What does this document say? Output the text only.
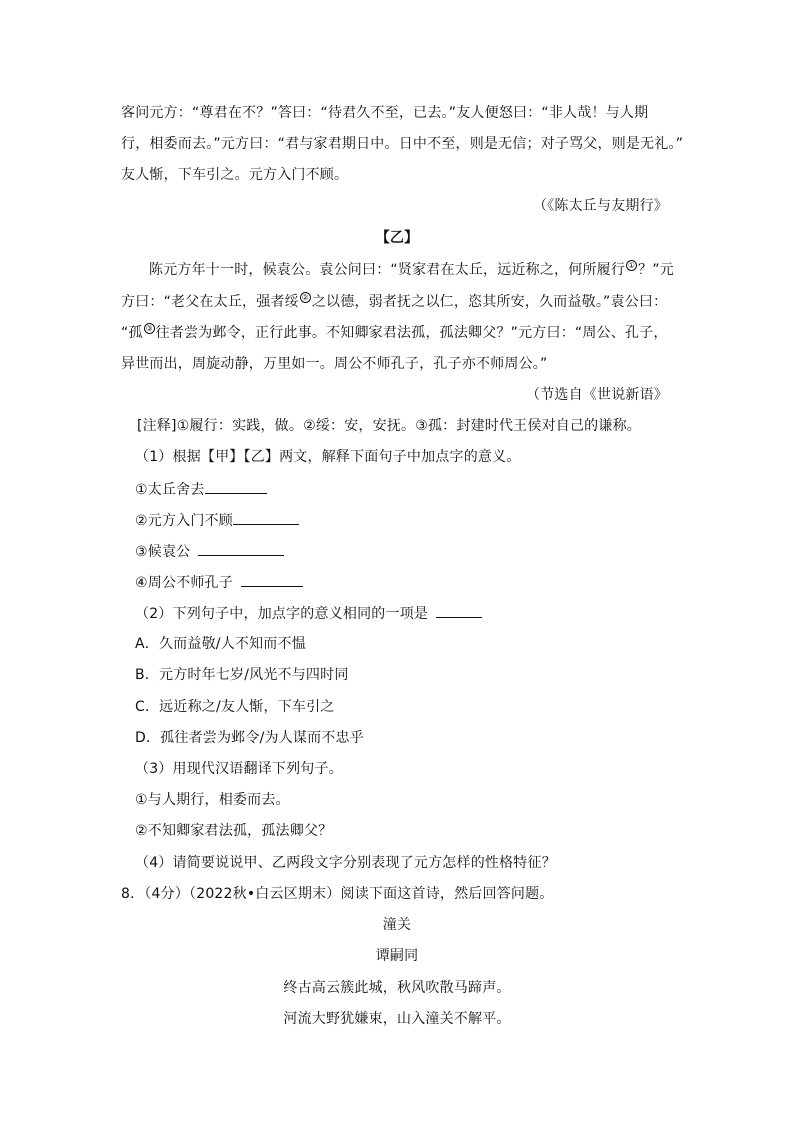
客问元方：“尊君在不？”答曰：“待君久不至，已去。”友人便怒曰：“非人哉！与人期
行，相委而去。”元方曰：“君与家君期日中。日中不至，则是无信；对子骂父，则是无礼。”
友人惭，下车引之。元方入门不顾。
（《陈太丘与友期行》
【乙】
陈元方年十一时，候袁公。袁公问曰：“贤家君在太丘，远近称之，何所履行 ① ？”元
方曰：“老父在太丘，强者绥 ② 之以德，弱者抚之以仁，恣其所安，久而益敬。”袁公曰：
“孤 ③ 往者尝为邺令，正行此事。不知卿家君法孤，孤法卿父？”元方曰：“周公、孔子，
异世而出，周旋动静，万里如一。周公不师孔子，孔子亦不师周公。”
（节选自《世说新语》
[注释]①履行：实践，做。②绥：安，安抚。③孤：封建时代王侯对自己的谦称。
（1）根据【甲】【乙】两文，解释下面句子中加点字的意义。
①太丘舍去
②元方入门不顾
③候袁公
④周公不师孔子
（2）下列句子中，加点字的意义相同的一项是
A．久而益敬/人不知而不愠
B．元方时年七岁/风光不与四时同
C．远近称之/友人惭，下车引之
D．孤往者尝为邺令/为人谋而不忠乎
（3）用现代汉语翻译下列句子。
①与人期行，相委而去。
②不知卿家君法孤，孤法卿父？
（4）请简要说说甲、乙两段文字分别表现了元方怎样的性格特征？
8．（4分）（2022秋•白云区期末）阅读下面这首诗，然后回答问题。
潼关
谭嗣同
终古高云簇此城，秋风吹散马蹄声。
河流大野犹嫌束，山入潼关不解平。
